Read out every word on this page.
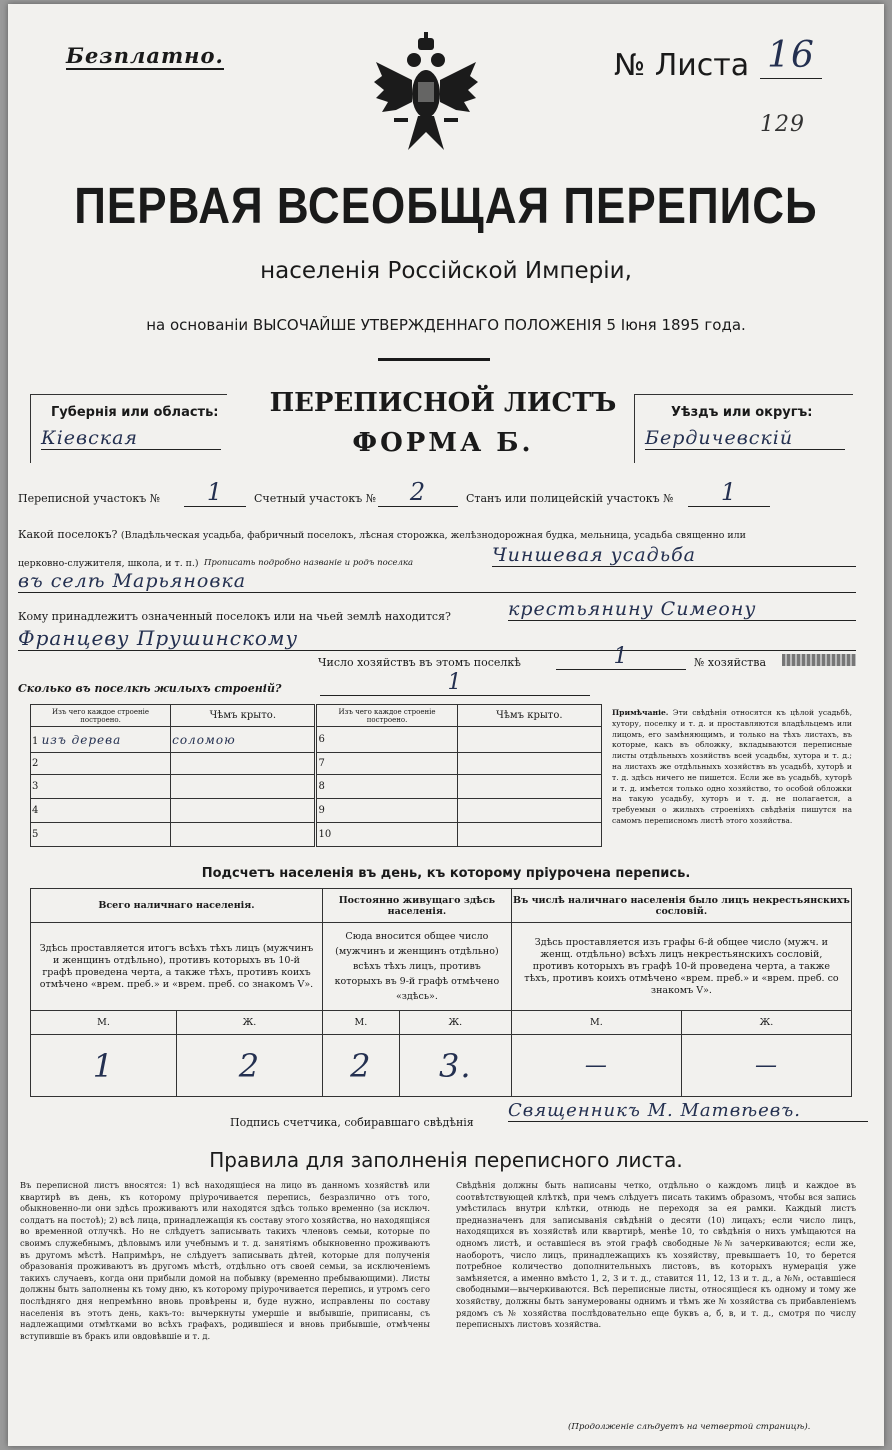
Безплатно.	№ Листа 16
129
ПЕРВАЯ ВСЕОБЩАЯ ПЕРЕПИСЬ
населенія Россійской Имперіи,
на основаніи ВЫСОЧАЙШЕ УТВЕРЖДЕННАГО ПОЛОЖЕНІЯ 5 Іюня 1895 года.
Губернія или область:
Кіевская
ПЕРЕПИСНОЙ ЛИСТЪ
ФОРМА Б.
Уѣздъ или округъ:
Бердичевскій
Переписной участокъ №	1	Счетный участокъ №	2	Станъ или полицейскій участокъ №	1
Какой поселокъ? (Владѣльческая усадьба, фабричный поселокъ, лѣсная сторожка, желѣзнодорожная будка, мельница, усадьба священно или
церковно-служителя, школа, и т. п.) Прописать подробно названіе и родъ поселка	Чиншевая усадьба
въ селѣ Марьяновка
Кому принадлежитъ означенный поселокъ или на чьей землѣ находится?	крестьянину Симеону
Францеву Прушинскому
Число хозяйствъ въ этомъ поселкѣ	1	№ хозяйства
Сколько въ поселкѣ жилыхъ строеній?	1
Изъ чего каждое строеніе построено.	Чѣмъ крыто.	Изъ чего каждое строеніе построено.	Чѣмъ крыто.
1 изъ дерева	соломою	6	
2		7	
3		8	
4		9	
5		10	
Примѣчаніе. Эти свѣдѣнія относятся къ цѣлой усадьбѣ, хутору, поселку и т. д. и проставляются владѣльцемъ или лицомъ, его замѣняющимъ, и только на тѣхъ листахъ, въ которые, какъ въ обложку, вкладываются переписные листы отдѣльныхъ хозяйствъ всей усадьбы, хутора и т. д.; на листахъ же отдѣльныхъ хозяйствъ въ усадьбѣ, хуторѣ и т. д. здѣсь ничего не пишется. Если же въ усадьбѣ, хуторѣ и т. д. имѣется только одно хозяйство, то особой обложки на такую усадьбу, хуторъ и т. д. не полагается, а требуемыя о жилыхъ строеніяхъ свѣдѣнія пишутся на самомъ переписномъ листѣ этого хозяйства.
Подсчетъ населенія въ день, къ которому пріурочена перепись.
Всего наличнаго населенія.		Постоянно живущаго здѣсь населенія.		Въ числѣ наличнаго населенія было лицъ некрестьянскихъ сословій.	
Здѣсь проставляется итогъ всѣхъ тѣхъ лицъ (мужчинъ и женщинъ отдѣльно), противъ которыхъ въ 10-й графѣ проведена черта, а также тѣхъ, противъ коихъ отмѣчено «врем. преб.» и «врем. преб. со знакомъ V».		Сюда вносится общее число (мужчинъ и женщинъ отдѣльно) всѣхъ тѣхъ лицъ, противъ которыхъ въ 9-й графѣ отмѣчено «здѣсь».		Здѣсь проставляется изъ графы 6-й общее число (мужч. и женщ. отдѣльно) всѣхъ лицъ некрестьянскихъ сословій, противъ которыхъ въ графѣ 10-й проведена черта, а также тѣхъ, противъ коихъ отмѣчено «врем. преб.» и «врем. преб. со знакомъ V».	
М.	Ж.	М.	Ж.	М.	Ж.
1	2	2	3.	—	—
Подпись счетчика, собиравшаго свѣдѣнія
Священникъ М. Матвѣевъ.
Правила для заполненія переписного листа.
Въ переписной листъ вносятся: 1) всѣ находящіеся на лицо въ данномъ хозяйствѣ или квартирѣ въ день, къ которому пріурочивается перепись, безразлично отъ того, обыкновенно-ли они здѣсь проживаютъ или находятся здѣсь только временно (за исключ. солдатъ на постоѣ); 2) всѣ лица, принадлежащія къ составу этого хозяйства, но находящіяся во временной отлучкѣ. Но не слѣдуетъ записывать такихъ членовъ семьи, которые по своимъ служебнымъ, дѣловымъ или учебнымъ и т. д. занятіямъ обыкновенно проживаютъ въ другомъ мѣстѣ. Напримѣръ, не слѣдуетъ записывать дѣтей, которые для полученія образованія проживаютъ въ другомъ мѣстѣ, отдѣльно отъ своей семьи, за исключеніемъ такихъ случаевъ, когда они прибыли домой на побывку (временно пребывающими). Листы должны быть заполнены къ тому дню, къ которому пріурочивается перепись, и утромъ сего послѣдняго дня непремѣнно вновь провѣрены и, буде нужно, исправлены по составу населенія въ этотъ день, какъ-то: вычеркнуты умершіе и выбывшіе, приписаны, съ надлежащими отмѣтками во всѣхъ графахъ, родившіеся и вновь прибывшіе, отмѣчены вступившіе въ бракъ или овдовѣвшіе и т. д.
Свѣдѣнія должны быть написаны четко, отдѣльно о каждомъ лицѣ и каждое въ соотвѣтствующей клѣткѣ, при чемъ слѣдуетъ писать такимъ образомъ, чтобы вся запись умѣстилась внутри клѣтки, отнюдь не переходя за ея рамки. Каждый листъ предназначенъ для записыванія свѣдѣній о десяти (10) лицахъ; если число лицъ, находящихся въ хозяйствѣ или квартирѣ, менѣе 10, то свѣдѣнія о нихъ умѣщаются на одномъ листѣ, и оставшіеся въ этой графѣ свободные №№ зачеркиваются; если же, наоборотъ, число лицъ, принадлежащихъ къ хозяйству, превышаетъ 10, то берется потребное количество дополнительныхъ листовъ, въ которыхъ нумерація уже замѣняется, а именно вмѣсто 1, 2, 3 и т. д., ставится 11, 12, 13 и т. д., а №№, оставшіеся свободными—вычеркиваются. Всѣ переписные листы, относящіеся къ одному и тому же хозяйству, должны быть занумерованы однимъ и тѣмъ же № хозяйства съ прибавленіемъ рядомъ съ № хозяйства послѣдовательно еще буквъ а, б, в, и т. д., смотря по числу переписныхъ листовъ хозяйства.
(Продолженіе слѣдуетъ на четвертой страницѣ).
